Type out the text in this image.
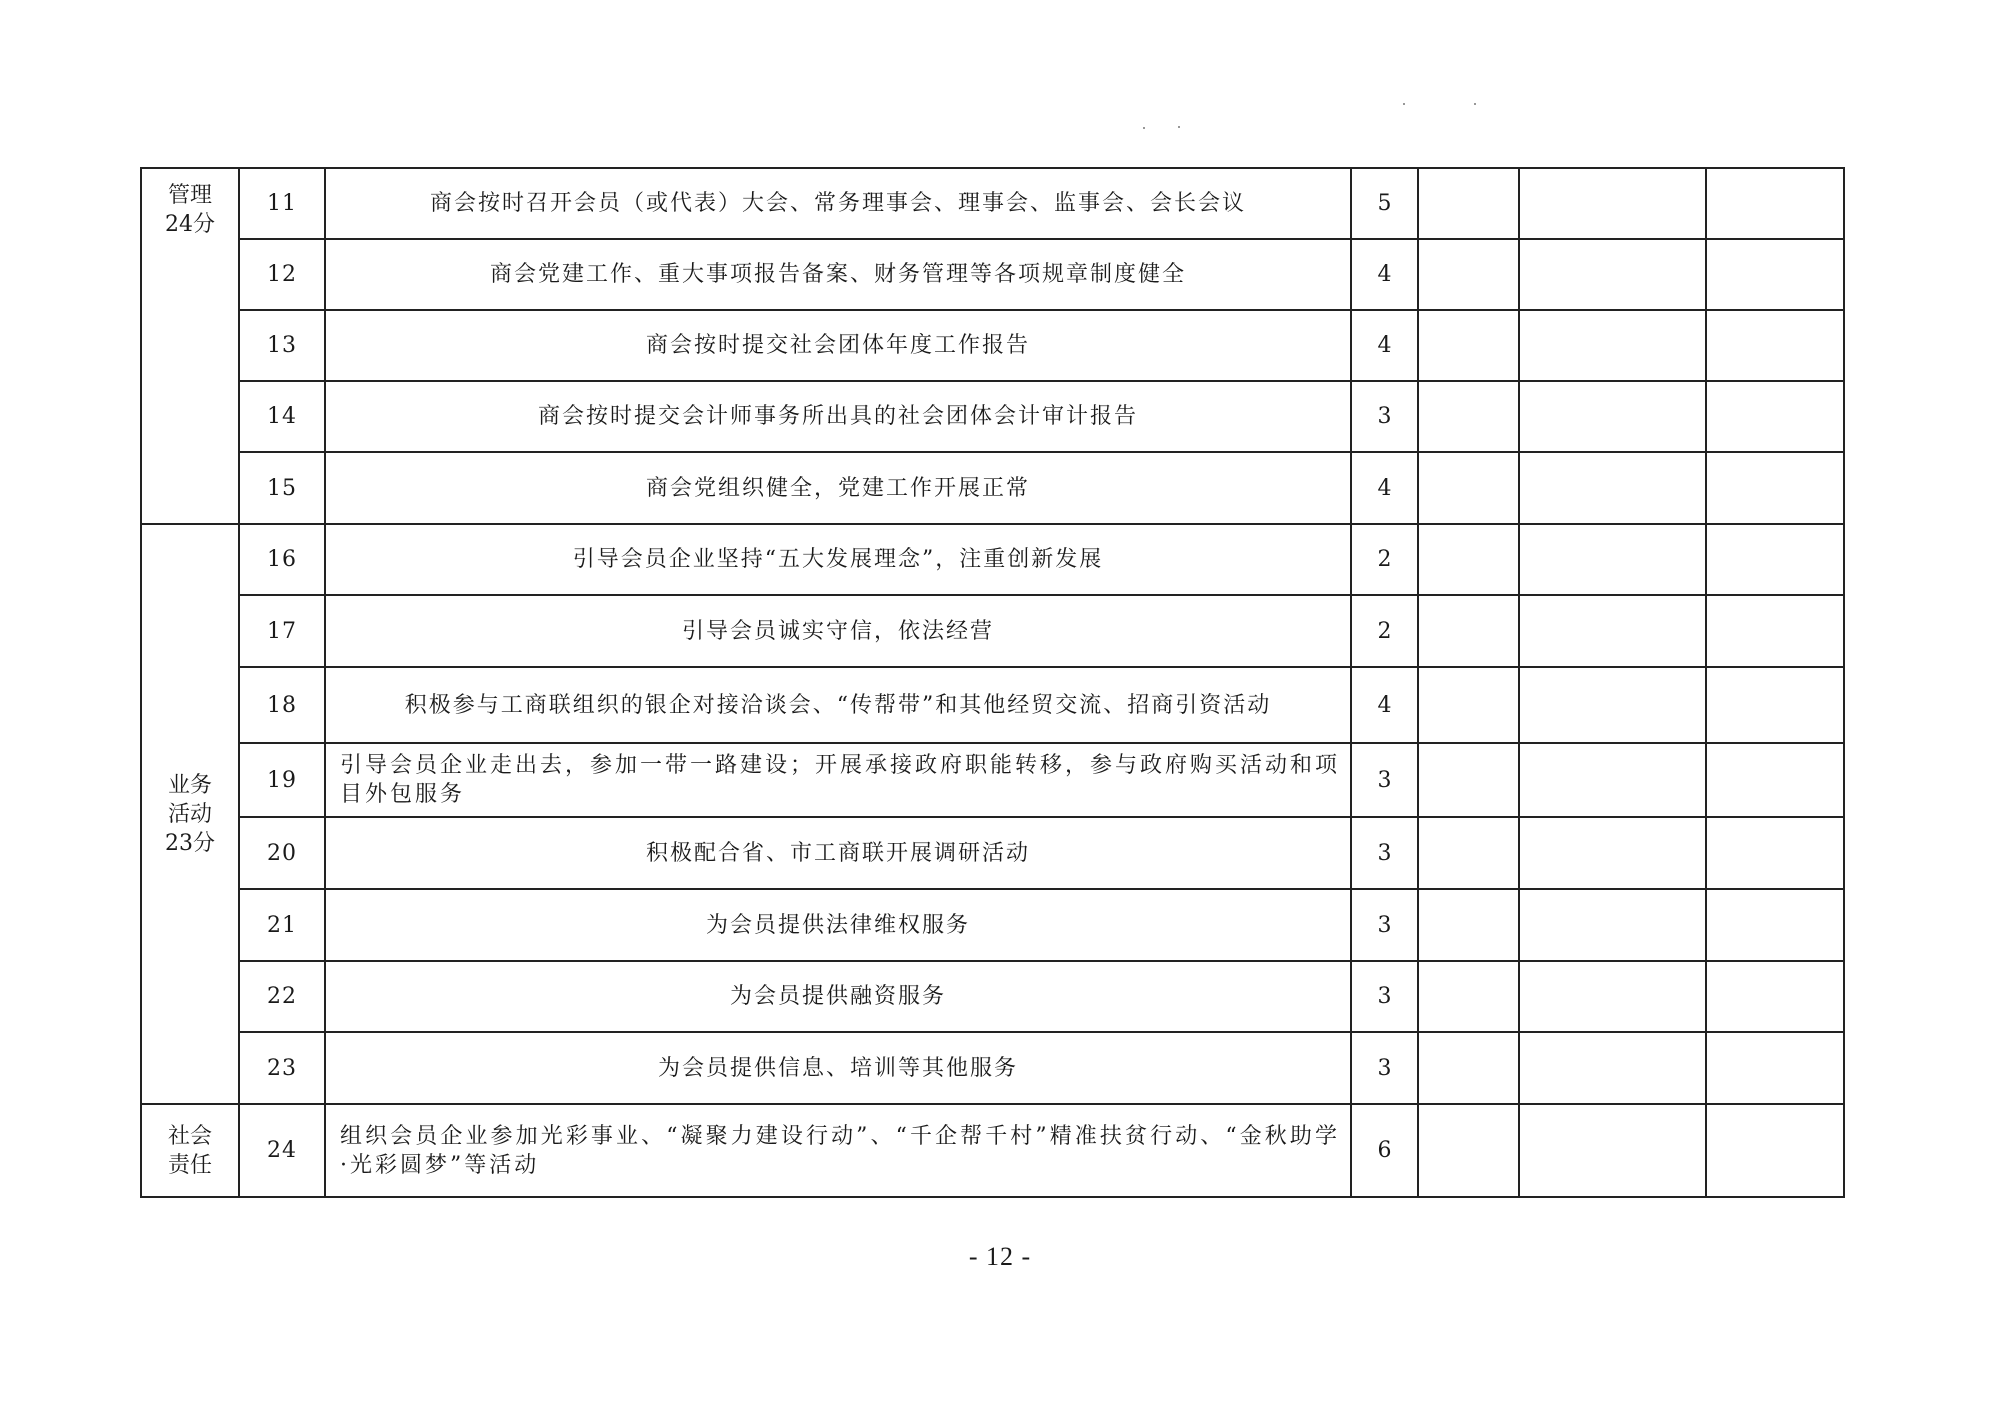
管理
24分	11	商会按时召开会员（或代表）大会、常务理事会、理事会、监事会、会长会议	5			
	12	商会党建工作、重大事项报告备案、财务管理等各项规章制度健全	4			
	13	商会按时提交社会团体年度工作报告	4			
	14	商会按时提交会计师事务所出具的社会团体会计审计报告	3			
	15	商会党组织健全，党建工作开展正常	4			

业务
活动
23分	16	引导会员企业坚持“五大发展理念”，注重创新发展	2			
	17	引导会员诚实守信，依法经营	2			
	18	积极参与工商联组织的银企对接洽谈会、“传帮带”和其他经贸交流、招商引资活动	4			
	19	引导会员企业走出去，参加一带一路建设；开展承接政府职能转移，参与政府购买活动和项目外包服务	3			
	20	积极配合省、市工商联开展调研活动	3			
	21	为会员提供法律维权服务	3			
	22	为会员提供融资服务	3			
	23	为会员提供信息、培训等其他服务	3			

社会
责任	24	组织会员企业参加光彩事业、“凝聚力建设行动”、“千企帮千村”精准扶贫行动、“金秋助学·光彩圆梦”等活动	6			
- 12 -
